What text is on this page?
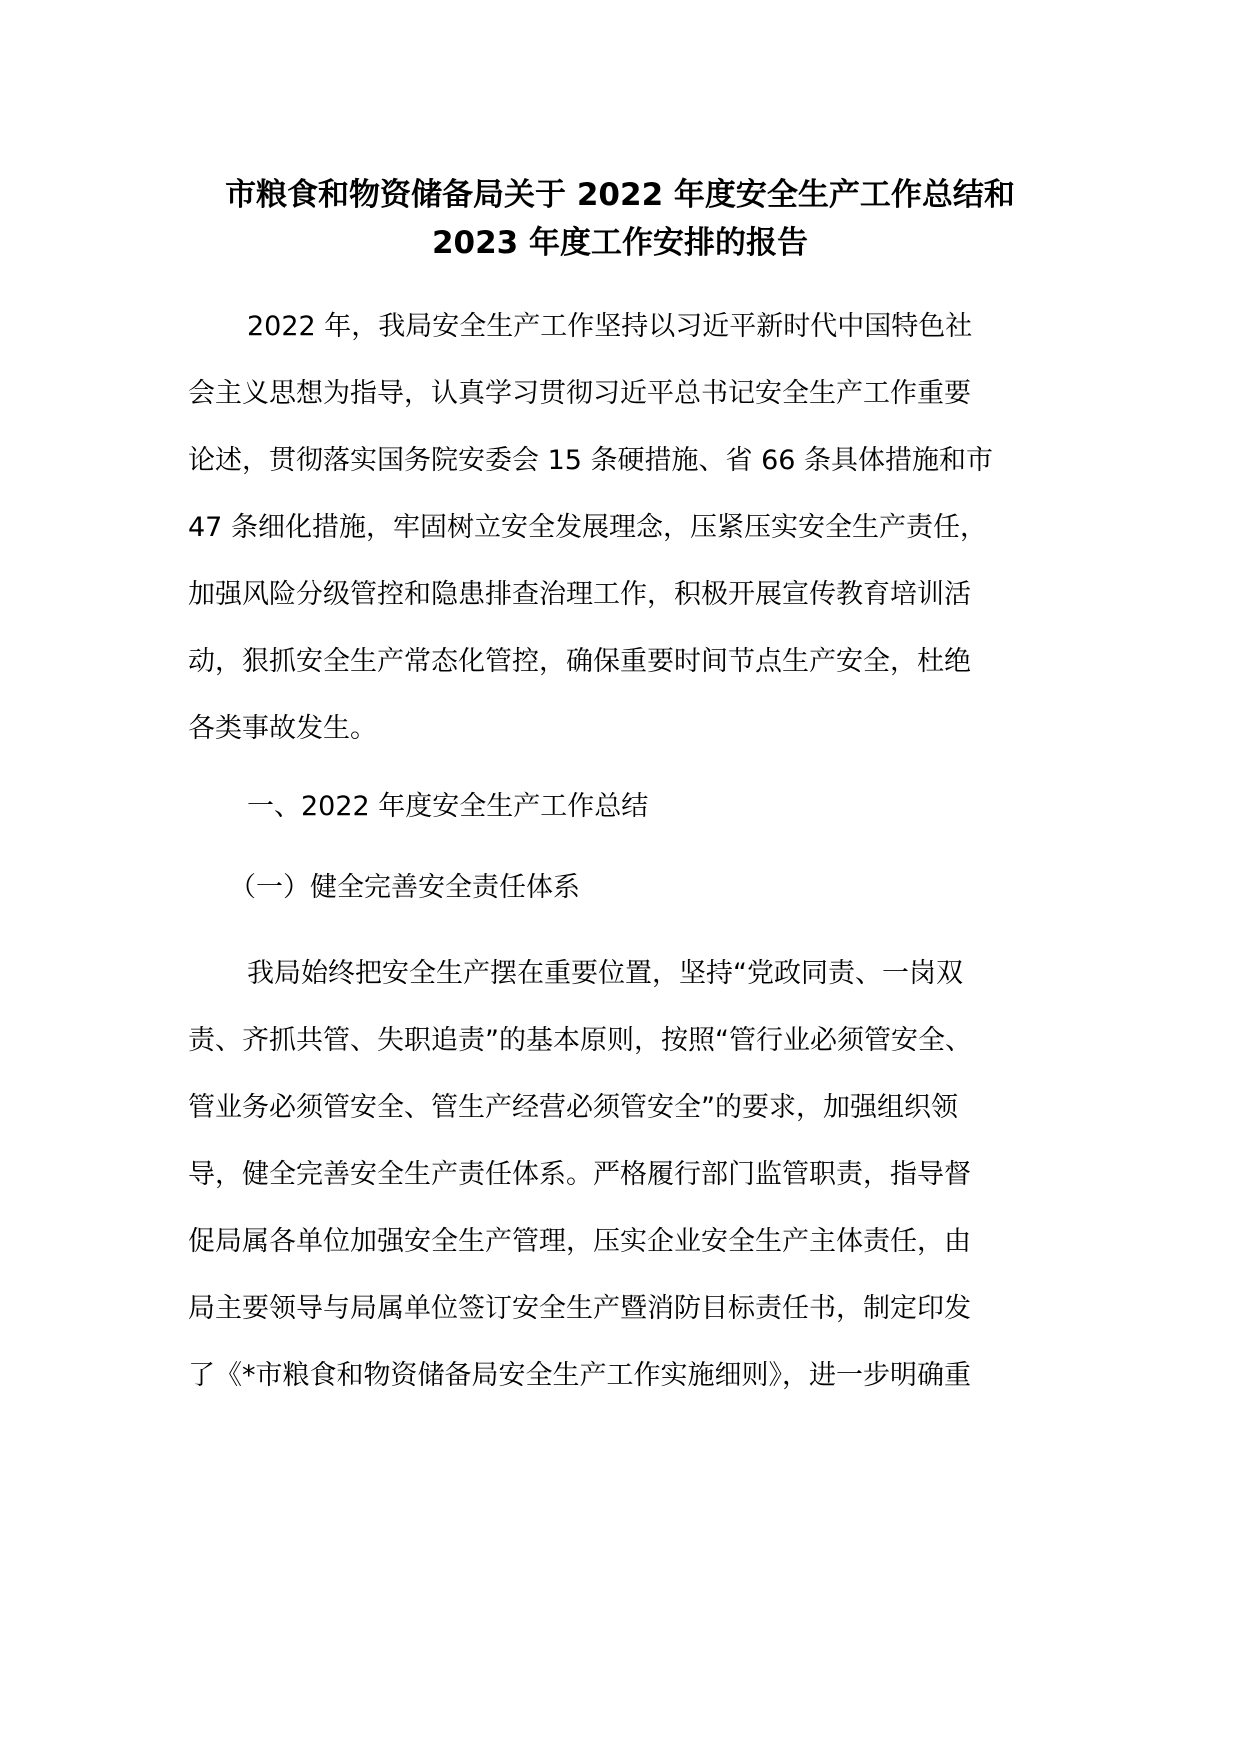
市粮食和物资储备局关于 2022 年度安全生产工作总结和
2023 年度工作安排的报告
2022 年，我局安全生产工作坚持以习近平新时代中国特色社
会主义思想为指导，认真学习贯彻习近平总书记安全生产工作重要
论述，贯彻落实国务院安委会 15 条硬措施、省 66 条具体措施和市
47 条细化措施，牢固树立安全发展理念，压紧压实安全生产责任，
加强风险分级管控和隐患排查治理工作，积极开展宣传教育培训活
动，狠抓安全生产常态化管控，确保重要时间节点生产安全，杜绝
各类事故发生。
一、2022 年度安全生产工作总结
（一）健全完善安全责任体系
我局始终把安全生产摆在重要位置，坚持“党政同责、一岗双
责、齐抓共管、失职追责”的基本原则，按照“管行业必须管安全、
管业务必须管安全、管生产经营必须管安全”的要求，加强组织领
导，健全完善安全生产责任体系。严格履行部门监管职责，指导督
促局属各单位加强安全生产管理，压实企业安全生产主体责任，由
局主要领导与局属单位签订安全生产暨消防目标责任书，制定印发
了《*市粮食和物资储备局安全生产工作实施细则》，进一步明确重
